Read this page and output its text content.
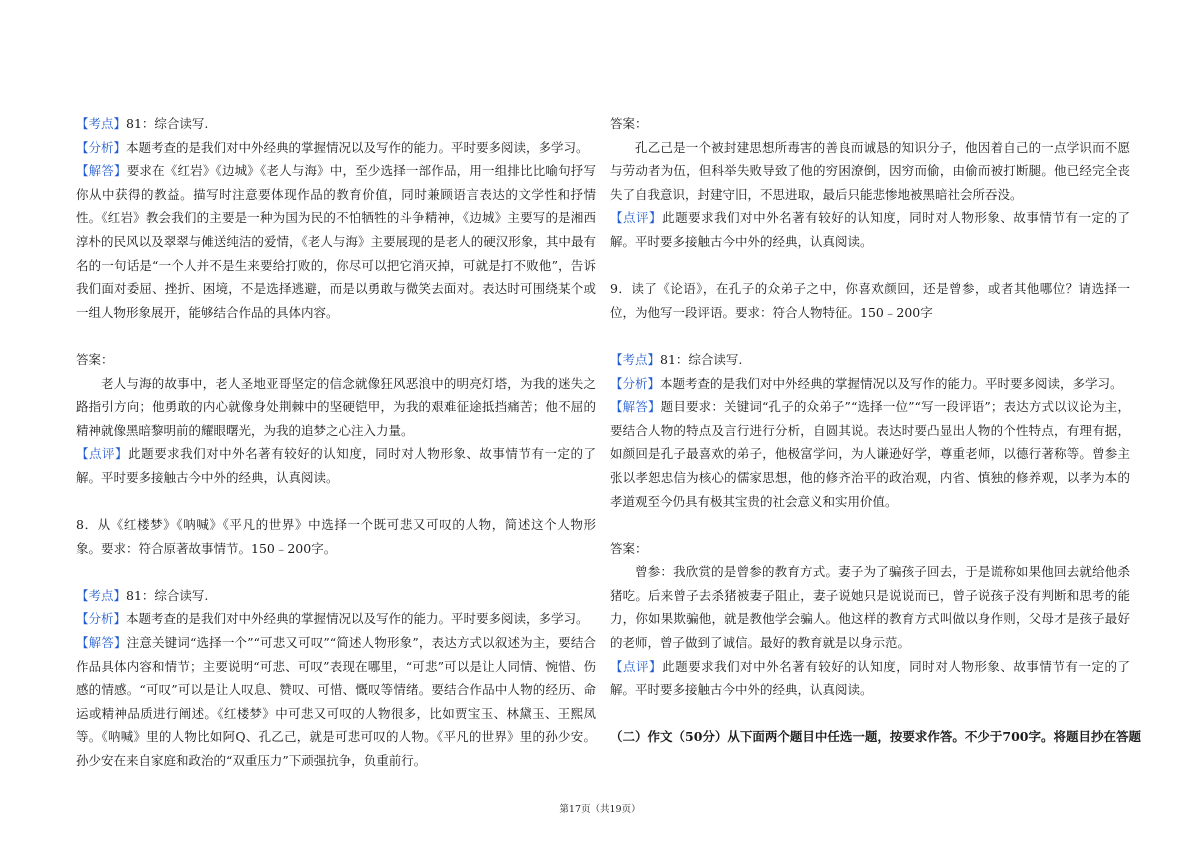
【考点】81：综合读写.

【分析】本题考查的是我们对中外经典的掌握情况以及写作的能力。平时要多阅读，多学习。

【解答】要求在《红岩》《边城》《老人与海》中，至少选择一部作品，用一组排比比喻句抒写你从中获得的教益。描写时注意要体现作品的教育价值，同时兼顾语言表达的文学性和抒情性。《红岩》教会我们的主要是一种为国为民的不怕牺牲的斗争精神，《边城》主要写的是湘西淳朴的民风以及翠翠与傩送纯洁的爱情，《老人与海》主要展现的是老人的硬汉形象，其中最有名的一句话是“一个人并不是生来要给打败的，你尽可以把它消灭掉，可就是打不败他”，告诉我们面对委屈、挫折、困境，不是选择逃避，而是以勇敢与微笑去面对。表达时可围绕某个或一组人物形象展开，能够结合作品的具体内容。

答案：

老人与海的故事中，老人圣地亚哥坚定的信念就像狂风恶浪中的明亮灯塔，为我的迷失之路指引方向；他勇敢的内心就像身处荆棘中的坚硬铠甲，为我的艰难征途抵挡痛苦；他不屈的精神就像黑暗黎明前的耀眼曙光，为我的追梦之心注入力量。

【点评】此题要求我们对中外名著有较好的认知度，同时对人物形象、故事情节有一定的了解。平时要多接触古今中外的经典，认真阅读。

8．从《红楼梦》《呐喊》《平凡的世界》中选择一个既可悲又可叹的人物，简述这个人物形象。要求：符合原著故事情节。150﹣200字。

【考点】81：综合读写.

【分析】本题考查的是我们对中外经典的掌握情况以及写作的能力。平时要多阅读，多学习。

【解答】注意关键词“选择一个”“可悲又可叹”“简述人物形象”，表达方式以叙述为主，要结合作品具体内容和情节；主要说明“可悲、可叹”表现在哪里，“可悲”可以是让人同情、惋惜、伤感的情感。“可叹”可以是让人叹息、赞叹、可惜、慨叹等情绪。要结合作品中人物的经历、命运或精神品质进行阐述。《红楼梦》中可悲又可叹的人物很多，比如贾宝玉、林黛玉、王熙凤等。《呐喊》里的人物比如阿Q、孔乙己，就是可悲可叹的人物。《平凡的世界》里的孙少安。孙少安在来自家庭和政治的“双重压力”下顽强抗争，负重前行。

答案：

孔乙己是一个被封建思想所毒害的善良而诚恳的知识分子，他因着自己的一点学识而不愿与劳动者为伍，但科举失败导致了他的穷困潦倒，因穷而偷，由偷而被打断腿。他已经完全丧失了自我意识，封建守旧，不思进取，最后只能悲惨地被黑暗社会所吞没。

【点评】此题要求我们对中外名著有较好的认知度，同时对人物形象、故事情节有一定的了解。平时要多接触古今中外的经典，认真阅读。

9．读了《论语》，在孔子的众弟子之中，你喜欢颜回，还是曾参，或者其他哪位？请选择一位，为他写一段评语。要求：符合人物特征。150﹣200字

【考点】81：综合读写.

【分析】本题考查的是我们对中外经典的掌握情况以及写作的能力。平时要多阅读，多学习。

【解答】题目要求：关键词“孔子的众弟子”“选择一位”“写一段评语”；表达方式以议论为主，要结合人物的特点及言行进行分析，自圆其说。表达时要凸显出人物的个性特点，有理有据，如颜回是孔子最喜欢的弟子，他极富学问，为人谦逊好学，尊重老师，以德行著称等。曾参主张以孝恕忠信为核心的儒家思想，他的修齐治平的政治观，内省、慎独的修养观，以孝为本的孝道观至今仍具有极其宝贵的社会意义和实用价值。

答案：

曾参：我欣赏的是曾参的教育方式。妻子为了骗孩子回去，于是谎称如果他回去就给他杀猪吃。后来曾子去杀猪被妻子阻止，妻子说她只是说说而已，曾子说孩子没有判断和思考的能力，你如果欺骗他，就是教他学会骗人。他这样的教育方式叫做以身作则，父母才是孩子最好的老师，曾子做到了诚信。最好的教育就是以身示范。

【点评】此题要求我们对中外名著有较好的认知度，同时对人物形象、故事情节有一定的了解。平时要多接触古今中外的经典，认真阅读。

（二）作文（50分）从下面两个题目中任选一题，按要求作答。不少于700字。将题目抄在答题

第17页（共19页）
